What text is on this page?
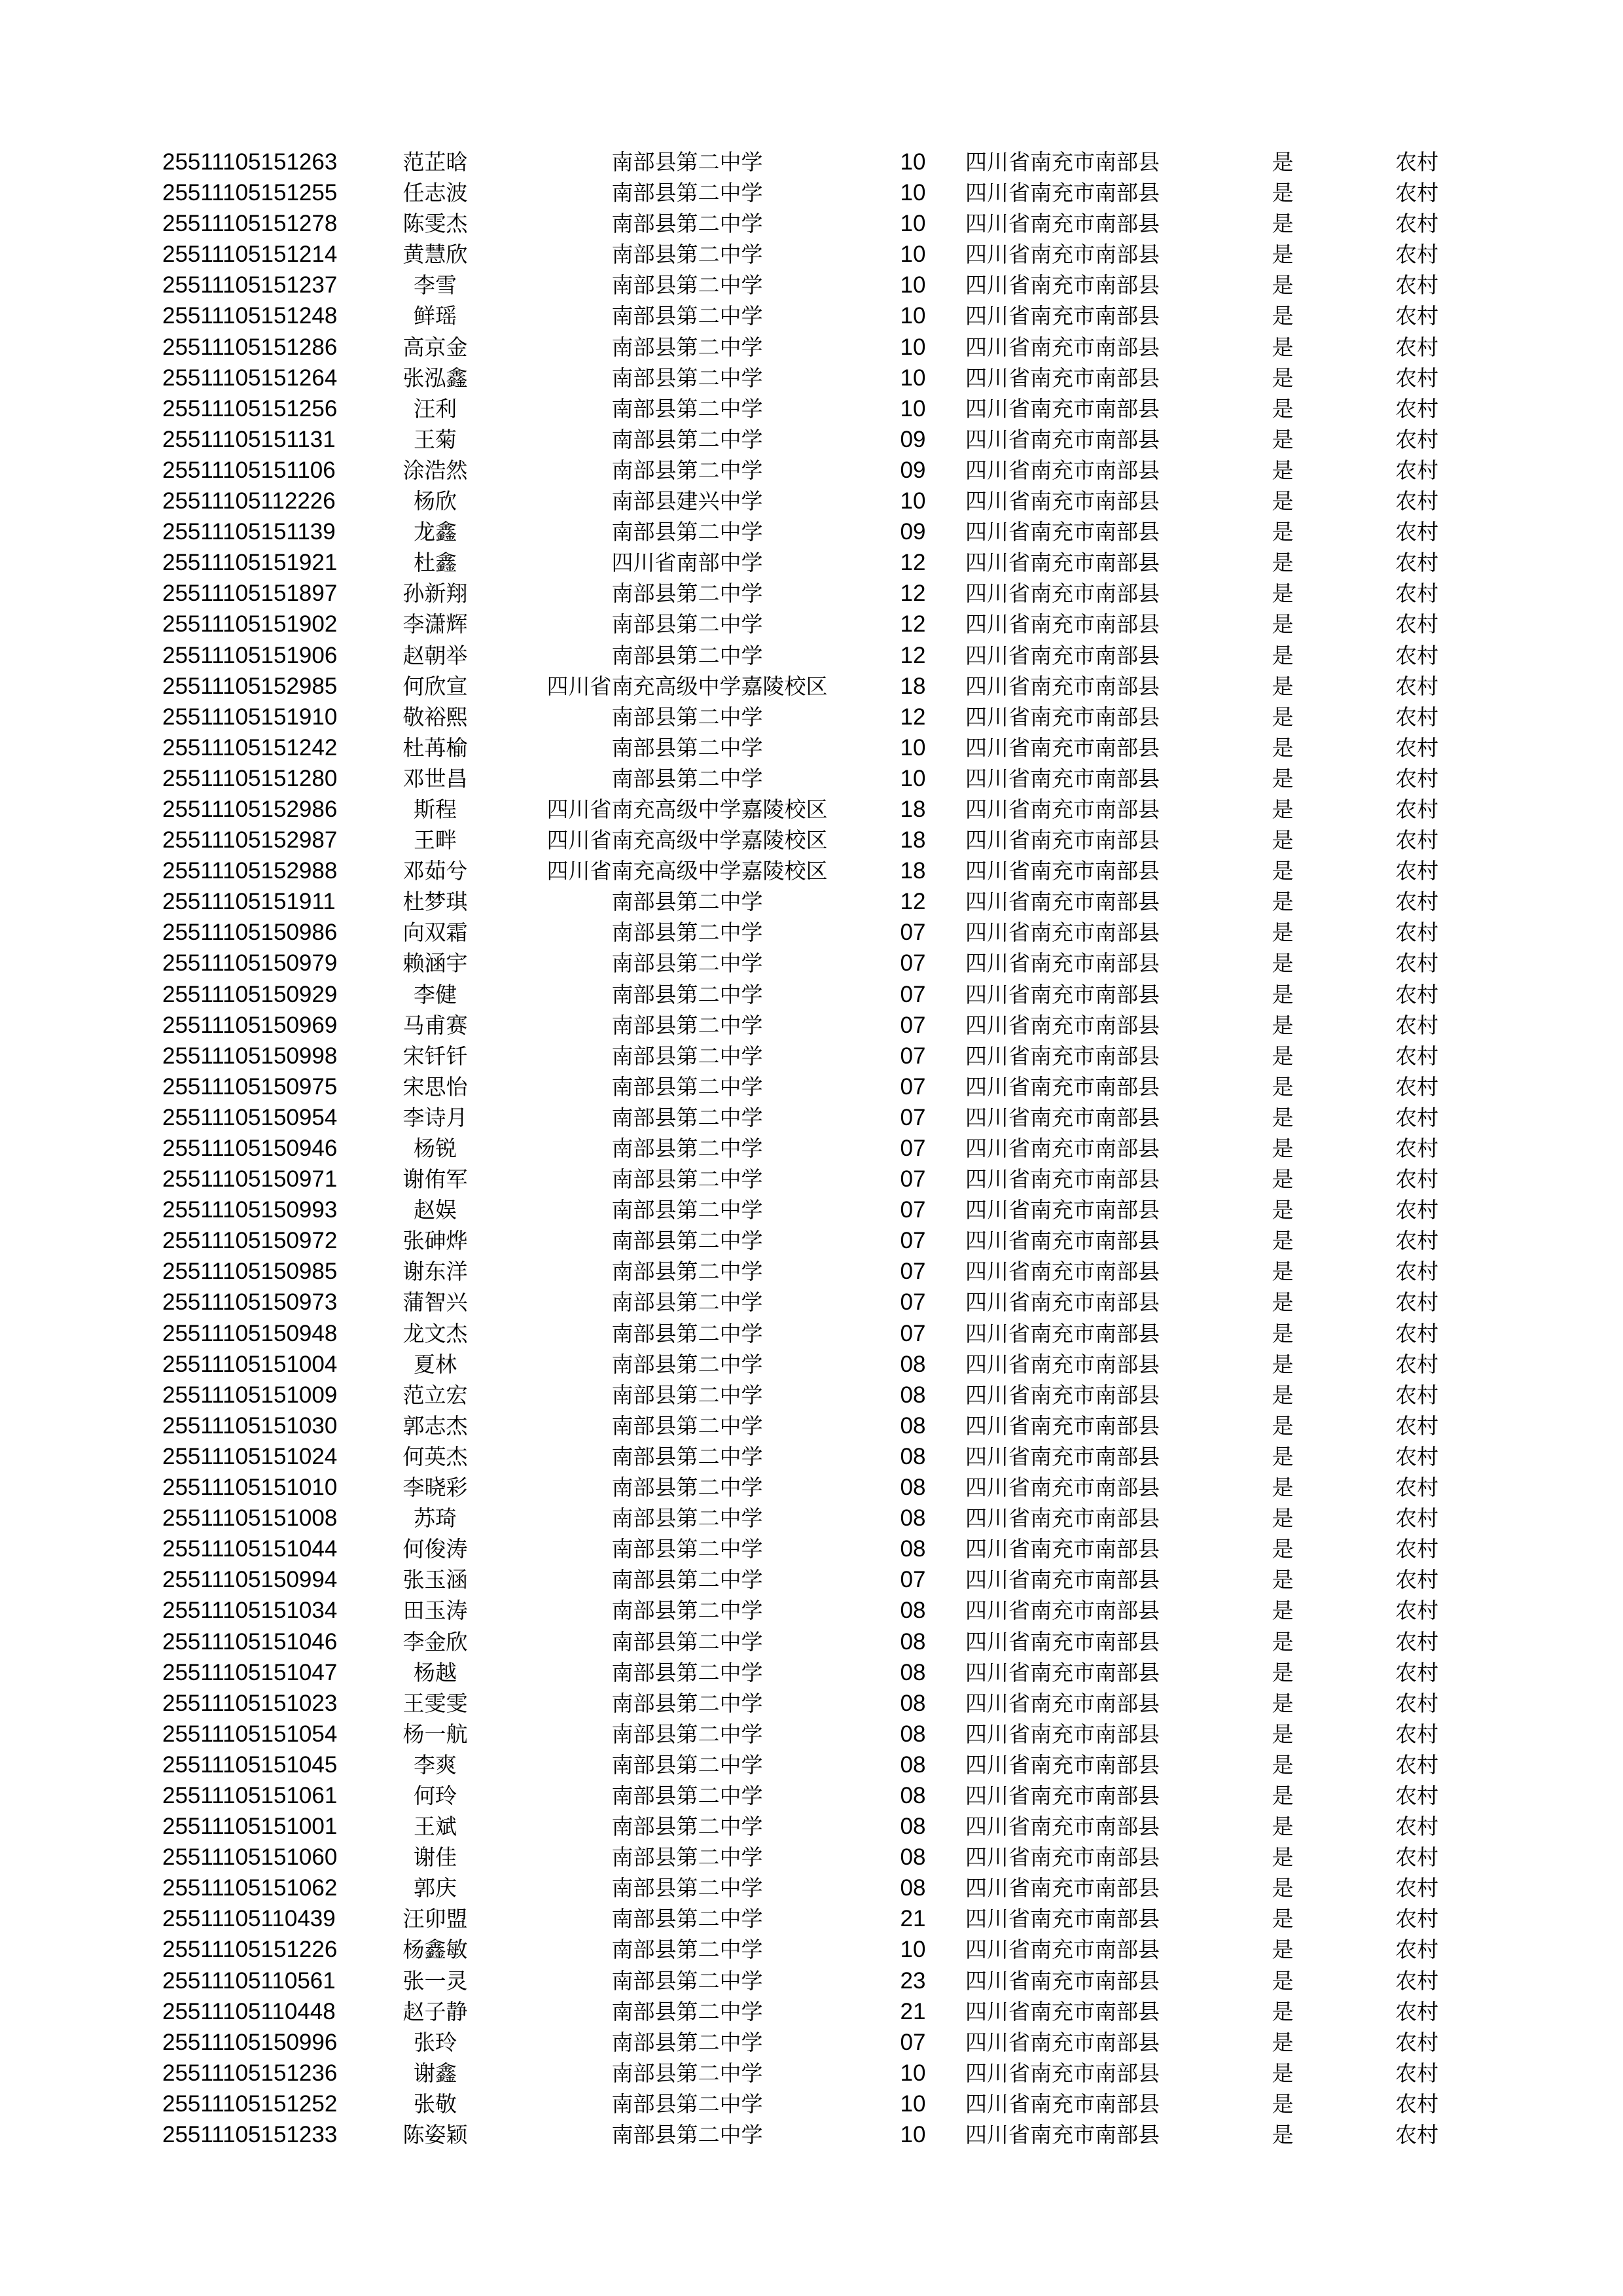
25511105151263	范芷晗	南部县第二中学	10	四川省南充市南部县	是	农村
25511105151255	任志波	南部县第二中学	10	四川省南充市南部县	是	农村
25511105151278	陈雯杰	南部县第二中学	10	四川省南充市南部县	是	农村
25511105151214	黄慧欣	南部县第二中学	10	四川省南充市南部县	是	农村
25511105151237	李雪	南部县第二中学	10	四川省南充市南部县	是	农村
25511105151248	鲜瑶	南部县第二中学	10	四川省南充市南部县	是	农村
25511105151286	高京金	南部县第二中学	10	四川省南充市南部县	是	农村
25511105151264	张泓鑫	南部县第二中学	10	四川省南充市南部县	是	农村
25511105151256	汪利	南部县第二中学	10	四川省南充市南部县	是	农村
25511105151131	王菊	南部县第二中学	09	四川省南充市南部县	是	农村
25511105151106	涂浩然	南部县第二中学	09	四川省南充市南部县	是	农村
25511105112226	杨欣	南部县建兴中学	10	四川省南充市南部县	是	农村
25511105151139	龙鑫	南部县第二中学	09	四川省南充市南部县	是	农村
25511105151921	杜鑫	四川省南部中学	12	四川省南充市南部县	是	农村
25511105151897	孙新翔	南部县第二中学	12	四川省南充市南部县	是	农村
25511105151902	李潇辉	南部县第二中学	12	四川省南充市南部县	是	农村
25511105151906	赵朝举	南部县第二中学	12	四川省南充市南部县	是	农村
25511105152985	何欣宣	四川省南充高级中学嘉陵校区	18	四川省南充市南部县	是	农村
25511105151910	敬裕熙	南部县第二中学	12	四川省南充市南部县	是	农村
25511105151242	杜苒榆	南部县第二中学	10	四川省南充市南部县	是	农村
25511105151280	邓世昌	南部县第二中学	10	四川省南充市南部县	是	农村
25511105152986	斯程	四川省南充高级中学嘉陵校区	18	四川省南充市南部县	是	农村
25511105152987	王畔	四川省南充高级中学嘉陵校区	18	四川省南充市南部县	是	农村
25511105152988	邓茹兮	四川省南充高级中学嘉陵校区	18	四川省南充市南部县	是	农村
25511105151911	杜梦琪	南部县第二中学	12	四川省南充市南部县	是	农村
25511105150986	向双霜	南部县第二中学	07	四川省南充市南部县	是	农村
25511105150979	赖涵宇	南部县第二中学	07	四川省南充市南部县	是	农村
25511105150929	李健	南部县第二中学	07	四川省南充市南部县	是	农村
25511105150969	马甫赛	南部县第二中学	07	四川省南充市南部县	是	农村
25511105150998	宋钎钎	南部县第二中学	07	四川省南充市南部县	是	农村
25511105150975	宋思怡	南部县第二中学	07	四川省南充市南部县	是	农村
25511105150954	李诗月	南部县第二中学	07	四川省南充市南部县	是	农村
25511105150946	杨锐	南部县第二中学	07	四川省南充市南部县	是	农村
25511105150971	谢侑军	南部县第二中学	07	四川省南充市南部县	是	农村
25511105150993	赵娱	南部县第二中学	07	四川省南充市南部县	是	农村
25511105150972	张砷烨	南部县第二中学	07	四川省南充市南部县	是	农村
25511105150985	谢东洋	南部县第二中学	07	四川省南充市南部县	是	农村
25511105150973	蒲智兴	南部县第二中学	07	四川省南充市南部县	是	农村
25511105150948	龙文杰	南部县第二中学	07	四川省南充市南部县	是	农村
25511105151004	夏林	南部县第二中学	08	四川省南充市南部县	是	农村
25511105151009	范立宏	南部县第二中学	08	四川省南充市南部县	是	农村
25511105151030	郭志杰	南部县第二中学	08	四川省南充市南部县	是	农村
25511105151024	何英杰	南部县第二中学	08	四川省南充市南部县	是	农村
25511105151010	李晓彩	南部县第二中学	08	四川省南充市南部县	是	农村
25511105151008	苏琦	南部县第二中学	08	四川省南充市南部县	是	农村
25511105151044	何俊涛	南部县第二中学	08	四川省南充市南部县	是	农村
25511105150994	张玉涵	南部县第二中学	07	四川省南充市南部县	是	农村
25511105151034	田玉涛	南部县第二中学	08	四川省南充市南部县	是	农村
25511105151046	李金欣	南部县第二中学	08	四川省南充市南部县	是	农村
25511105151047	杨越	南部县第二中学	08	四川省南充市南部县	是	农村
25511105151023	王雯雯	南部县第二中学	08	四川省南充市南部县	是	农村
25511105151054	杨一航	南部县第二中学	08	四川省南充市南部县	是	农村
25511105151045	李爽	南部县第二中学	08	四川省南充市南部县	是	农村
25511105151061	何玲	南部县第二中学	08	四川省南充市南部县	是	农村
25511105151001	王斌	南部县第二中学	08	四川省南充市南部县	是	农村
25511105151060	谢佳	南部县第二中学	08	四川省南充市南部县	是	农村
25511105151062	郭庆	南部县第二中学	08	四川省南充市南部县	是	农村
25511105110439	汪卯盟	南部县第二中学	21	四川省南充市南部县	是	农村
25511105151226	杨鑫敏	南部县第二中学	10	四川省南充市南部县	是	农村
25511105110561	张一灵	南部县第二中学	23	四川省南充市南部县	是	农村
25511105110448	赵子静	南部县第二中学	21	四川省南充市南部县	是	农村
25511105150996	张玲	南部县第二中学	07	四川省南充市南部县	是	农村
25511105151236	谢鑫	南部县第二中学	10	四川省南充市南部县	是	农村
25511105151252	张敬	南部县第二中学	10	四川省南充市南部县	是	农村
25511105151233	陈姿颖	南部县第二中学	10	四川省南充市南部县	是	农村
